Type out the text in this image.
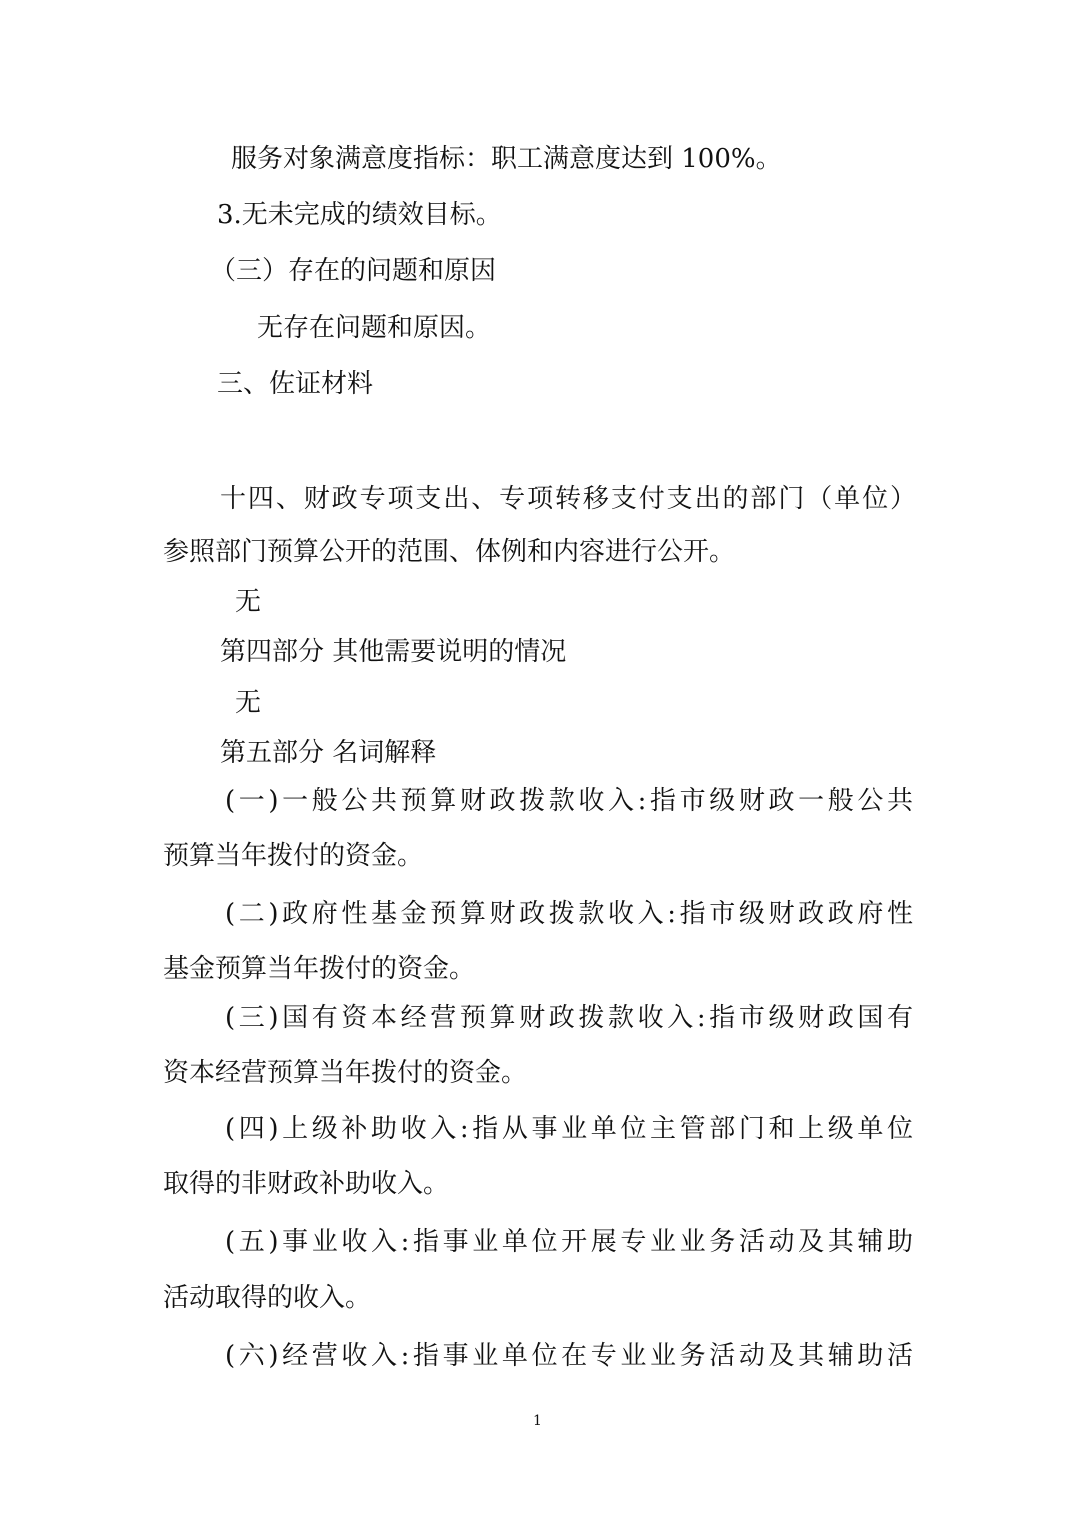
服务对象满意度指标：职工满意度达到 100%。
3.无未完成的绩效目标。
（三）存在的问题和原因
无存在问题和原因。
三、佐证材料
十四、财政专项支出、专项转移支付支出的部门（单位）
参照部门预算公开的范围、体例和内容进行公开。
无
第四部分 其他需要说明的情况
无
第五部分 名词解释
(一)一般公共预算财政拨款收入:指市级财政一般公共
预算当年拨付的资金。
(二)政府性基金预算财政拨款收入:指市级财政政府性
基金预算当年拨付的资金。
(三)国有资本经营预算财政拨款收入:指市级财政国有
资本经营预算当年拨付的资金。
(四)上级补助收入:指从事业单位主管部门和上级单位
取得的非财政补助收入。
(五)事业收入:指事业单位开展专业业务活动及其辅助
活动取得的收入。
(六)经营收入:指事业单位在专业业务活动及其辅助活
1
